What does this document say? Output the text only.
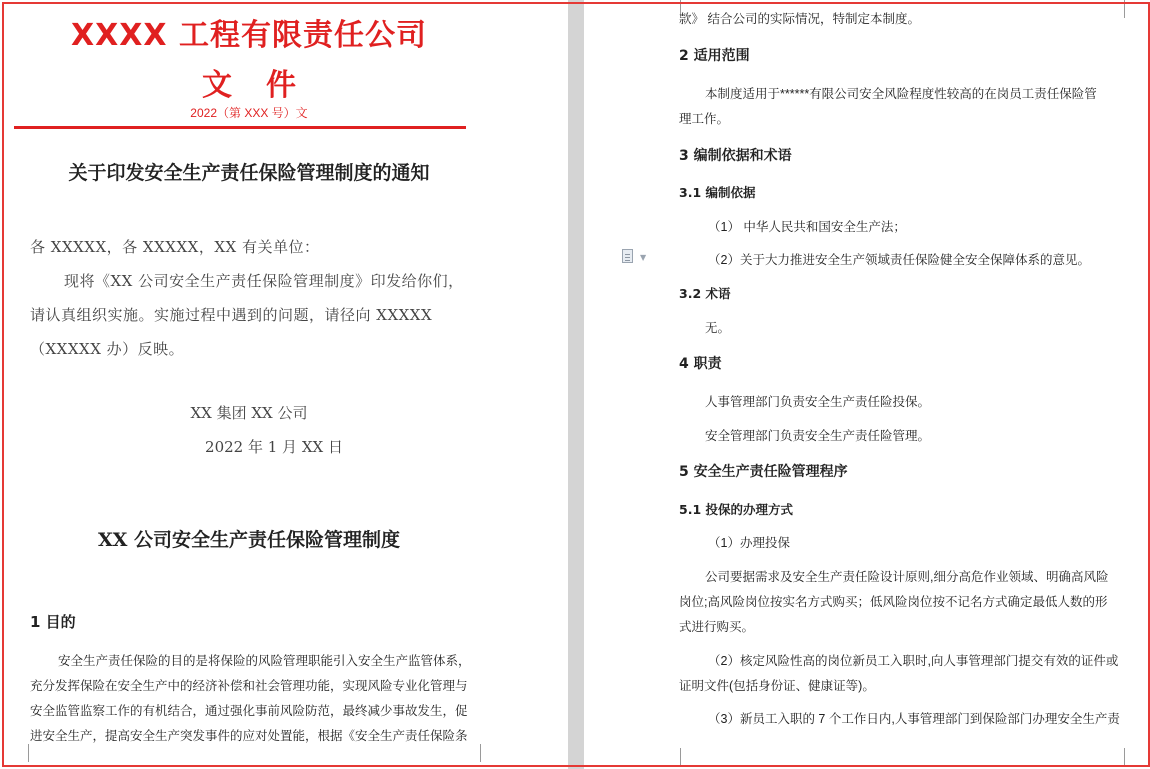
XXXX 工程有限责任公司
文件
2022（第 XXX 号）文
关于印发安全生产责任保险管理制度的通知
各 XXXXX，各 XXXXX，XX 有关单位：
现将《XX 公司安全生产责任保险管理制度》印发给你们，
请认真组织实施。实施过程中遇到的问题，请径向 XXXXX
（XXXXX 办）反映。
XX 集团 XX 公司
2022 年 1 月 XX 日
XX 公司安全生产责任保险管理制度
1 目的
安全生产责任保险的目的是将保险的风险管理职能引入安全生产监管体系，
充分发挥保险在安全生产中的经济补偿和社会管理功能，实现风险专业化管理与
安全监管监察工作的有机结合，通过强化事前风险防范，最终减少事故发生，促
进安全生产，提高安全生产突发事件的应对处置能，根据《安全生产责任保险条
款》 结合公司的实际情况，特制定本制度。
2 适用范围
本制度适用于******有限公司安全风险程度性较高的在岗员工责任保险管
理工作。
3 编制依据和术语
3.1 编制依据
（1） 中华人民共和国安全生产法；
（2）关于大力推进安全生产领域责任保险健全安全保障体系的意见。
▼
3.2 术语
无。
4 职责
人事管理部门负责安全生产责任险投保。
安全管理部门负责安全生产责任险管理。
5 安全生产责任险管理程序
5.1 投保的办理方式
（1）办理投保
公司要据需求及安全生产责任险设计原则,细分高危作业领域、明确高风险
岗位;高风险岗位按实名方式购买；低风险岗位按不记名方式确定最低人数的形
式进行购买。
（2）核定风险性高的岗位新员工入职时,向人事管理部门提交有效的证件或
证明文件(包括身份证、健康证等)。
（3）新员工入职的 7 个工作日内,人事管理部门到保险部门办理安全生产责
